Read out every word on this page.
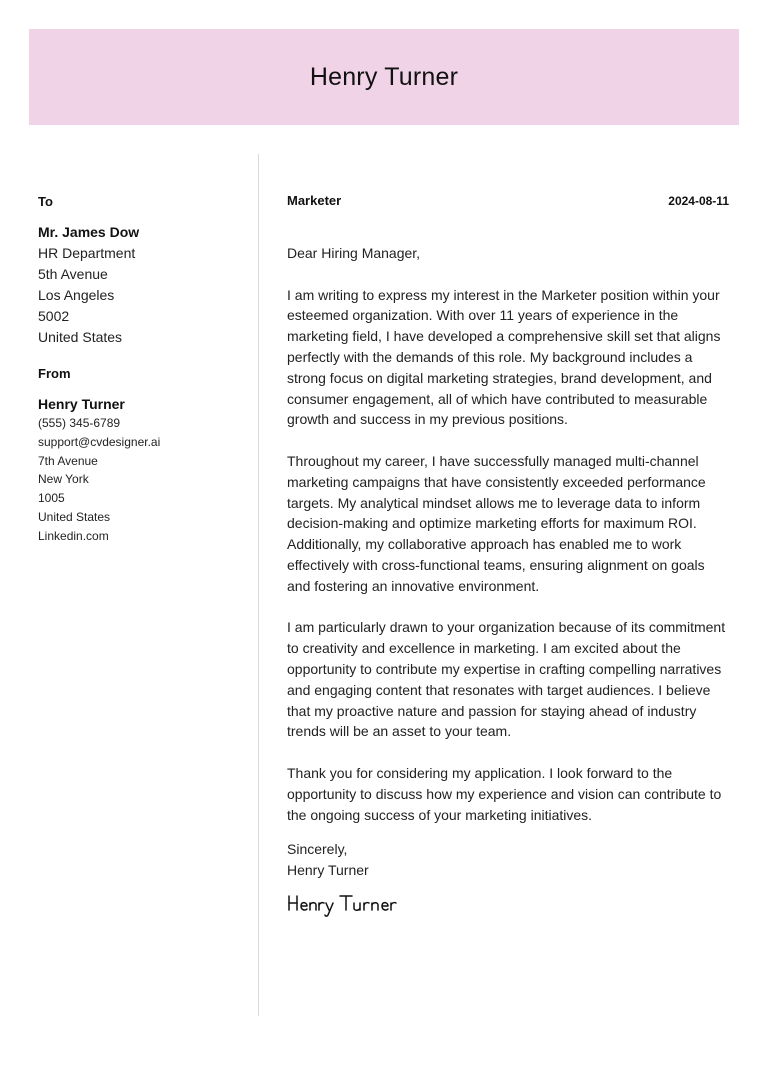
Henry Turner
To
Mr. James Dow
HR Department
5th Avenue
Los Angeles
5002
United States
From
Henry Turner
(555) 345-6789
support@cvdesigner.ai
7th Avenue
New York
1005
United States
Linkedin.com
Marketer	2024-08-11
Dear Hiring Manager,
I am writing to express my interest in the Marketer position within your esteemed organization. With over 11 years of experience in the marketing field, I have developed a comprehensive skill set that aligns perfectly with the demands of this role. My background includes a strong focus on digital marketing strategies, brand development, and consumer engagement, all of which have contributed to measurable growth and success in my previous positions.
Throughout my career, I have successfully managed multi-channel marketing campaigns that have consistently exceeded performance targets. My analytical mindset allows me to leverage data to inform decision-making and optimize marketing efforts for maximum ROI. Additionally, my collaborative approach has enabled me to work effectively with cross-functional teams, ensuring alignment on goals and fostering an innovative environment.
I am particularly drawn to your organization because of its commitment to creativity and excellence in marketing. I am excited about the opportunity to contribute my expertise in crafting compelling narratives and engaging content that resonates with target audiences. I believe that my proactive nature and passion for staying ahead of industry trends will be an asset to your team.
Thank you for considering my application. I look forward to the opportunity to discuss how my experience and vision can contribute to the ongoing success of your marketing initiatives.
Sincerely,
Henry Turner
